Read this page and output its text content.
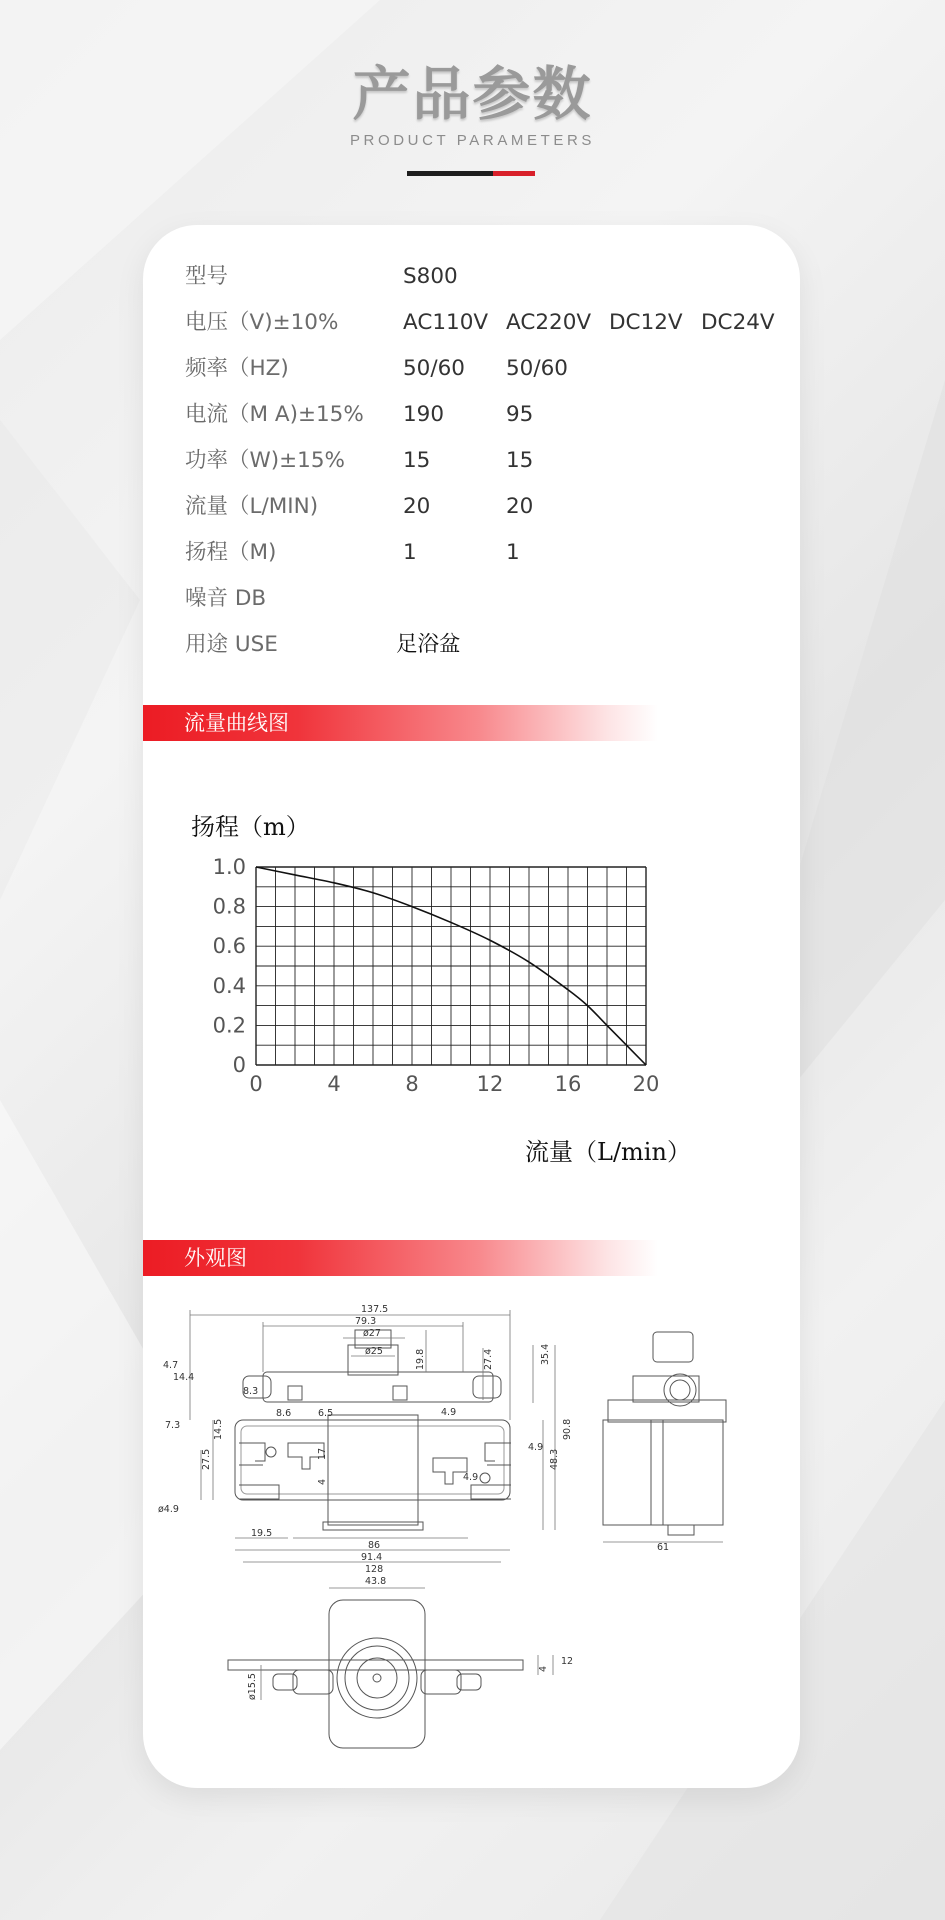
产品参数
PRODUCT PARAMETERS
型号	S800
电压（V)±10%	AC110V AC220V DC12V DC24V
频率（HZ)	50/60 50/60
电流（M A)±15% 190	95
功率（W)±15%	15	15
流量（L/MIN)	20	20
扬程（M)	1	1
噪音 DB
用途 USE	足浴盆
流量曲线图
0	4	8	12 16 20
0
0.2
0.4
0.6
0.8
1.0
扬程（m）
流量（L/min）
外观图
137.5
79.3
ø27
ø25	35.4
90.8
48.3
27.4
19.8
86
91.4
128
19.5
4.7
14.4
8.3
8.6	6.5
7.3	14.5
27.5	17
4
4.9
4.9
4.9
ø4.9
61
43.8
ø15.5
4
12
